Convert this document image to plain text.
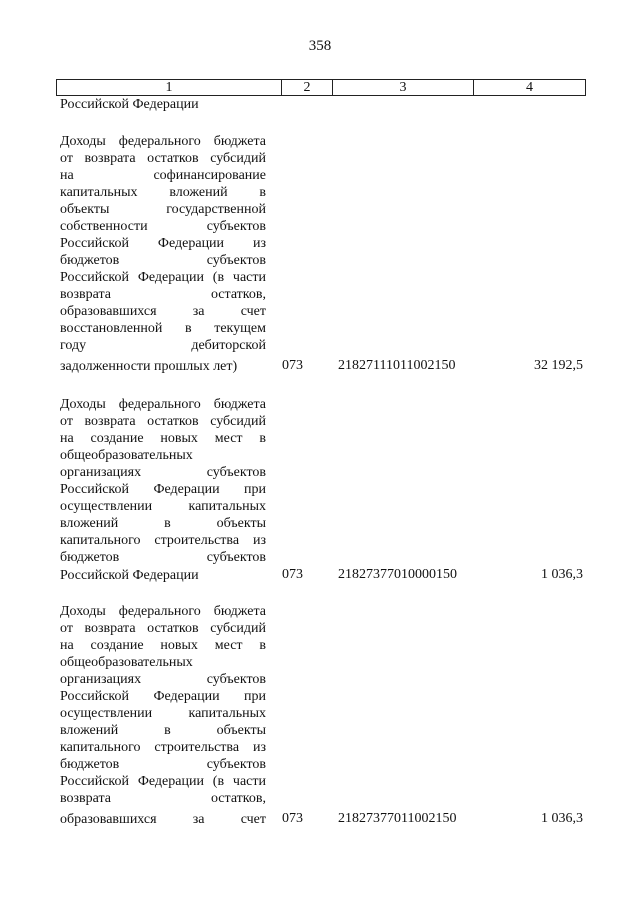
358
1	2	3	4
Российской Федерации
Доходы федерального бюджета
от возврата остатков субсидий
на софинансирование
капитальных вложений в
объекты государственной
собственности субъектов
Российской Федерации из
бюджетов субъектов
Российской Федерации (в части
возврата остатков,
образовавшихся за счет
восстановленной в текущем
году дебиторской
задолженности прошлых лет)	073	21827111011002150	32 192,5
Доходы федерального бюджета
от возврата остатков субсидий
на создание новых мест в
общеобразовательных
организациях субъектов
Российской Федерации при
осуществлении капитальных
вложений в объекты
капитального строительства из
бюджетов субъектов
Российской Федерации	073	21827377010000150	1 036,3
Доходы федерального бюджета
от возврата остатков субсидий
на создание новых мест в
общеобразовательных
организациях субъектов
Российской Федерации при
осуществлении капитальных
вложений в объекты
капитального строительства из
бюджетов субъектов
Российской Федерации (в части
возврата остатков,
образовавшихся за счет 073	21827377011002150	1 036,3
